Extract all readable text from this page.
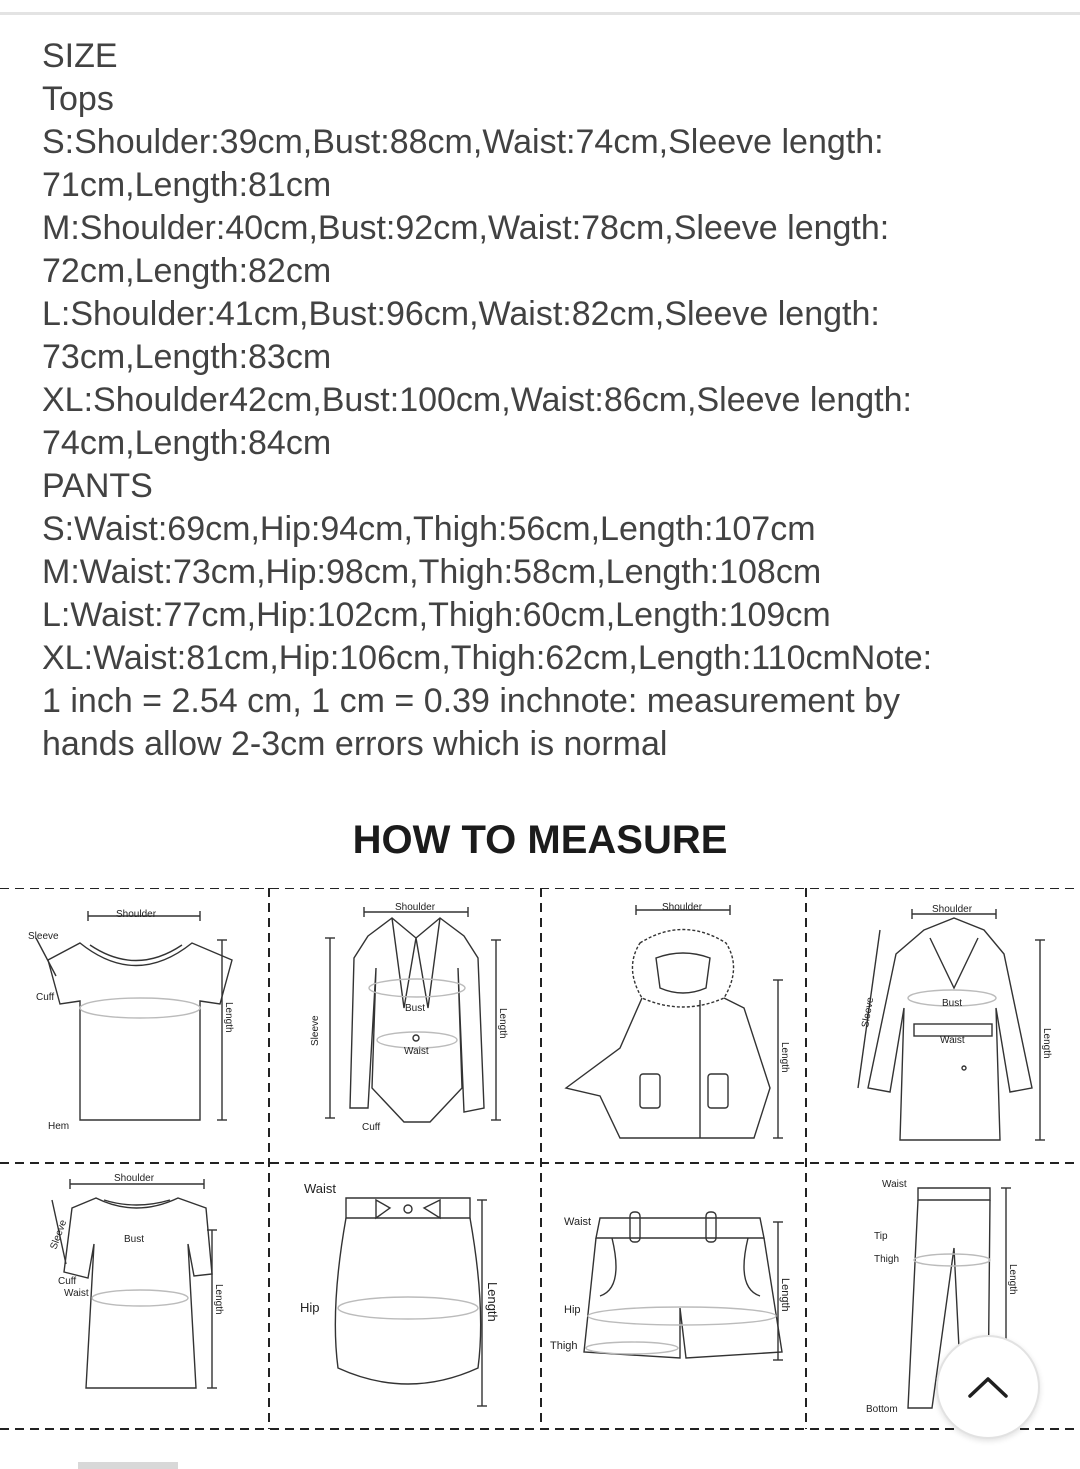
SIZE
Tops
S:Shoulder:39cm,Bust:88cm,Waist:74cm,Sleeve length:
71cm,Length:81cm
M:Shoulder:40cm,Bust:92cm,Waist:78cm,Sleeve length:
72cm,Length:82cm
L:Shoulder:41cm,Bust:96cm,Waist:82cm,Sleeve length:
73cm,Length:83cm
XL:Shoulder42cm,Bust:100cm,Waist:86cm,Sleeve length:
74cm,Length:84cm
PANTS
S:Waist:69cm,Hip:94cm,Thigh:56cm,Length:107cm
M:Waist:73cm,Hip:98cm,Thigh:58cm,Length:108cm
L:Waist:77cm,Hip:102cm,Thigh:60cm,Length:109cm
XL:Waist:81cm,Hip:106cm,Thigh:62cm,Length:110cmNote:
1 inch = 2.54 cm, 1 cm = 0.39 inchnote: measurement by
hands allow 2-3cm errors which is normal
HOW TO MEASURE
Shoulder
Sleeve
Cuff
Length
Hem
Shoulder
Sleeve
Bust
Waist
Length
Cuff
Shoulder
Length
Shoulder
Sleeve	Bust
Waist	Length
Shoulder
Sleeve	Bust
Cuff
Waist	Length
Waist
Hip	Length
Waist
Hip
Thigh
Length
Waist
Tip
Thigh
Length
Bottom
